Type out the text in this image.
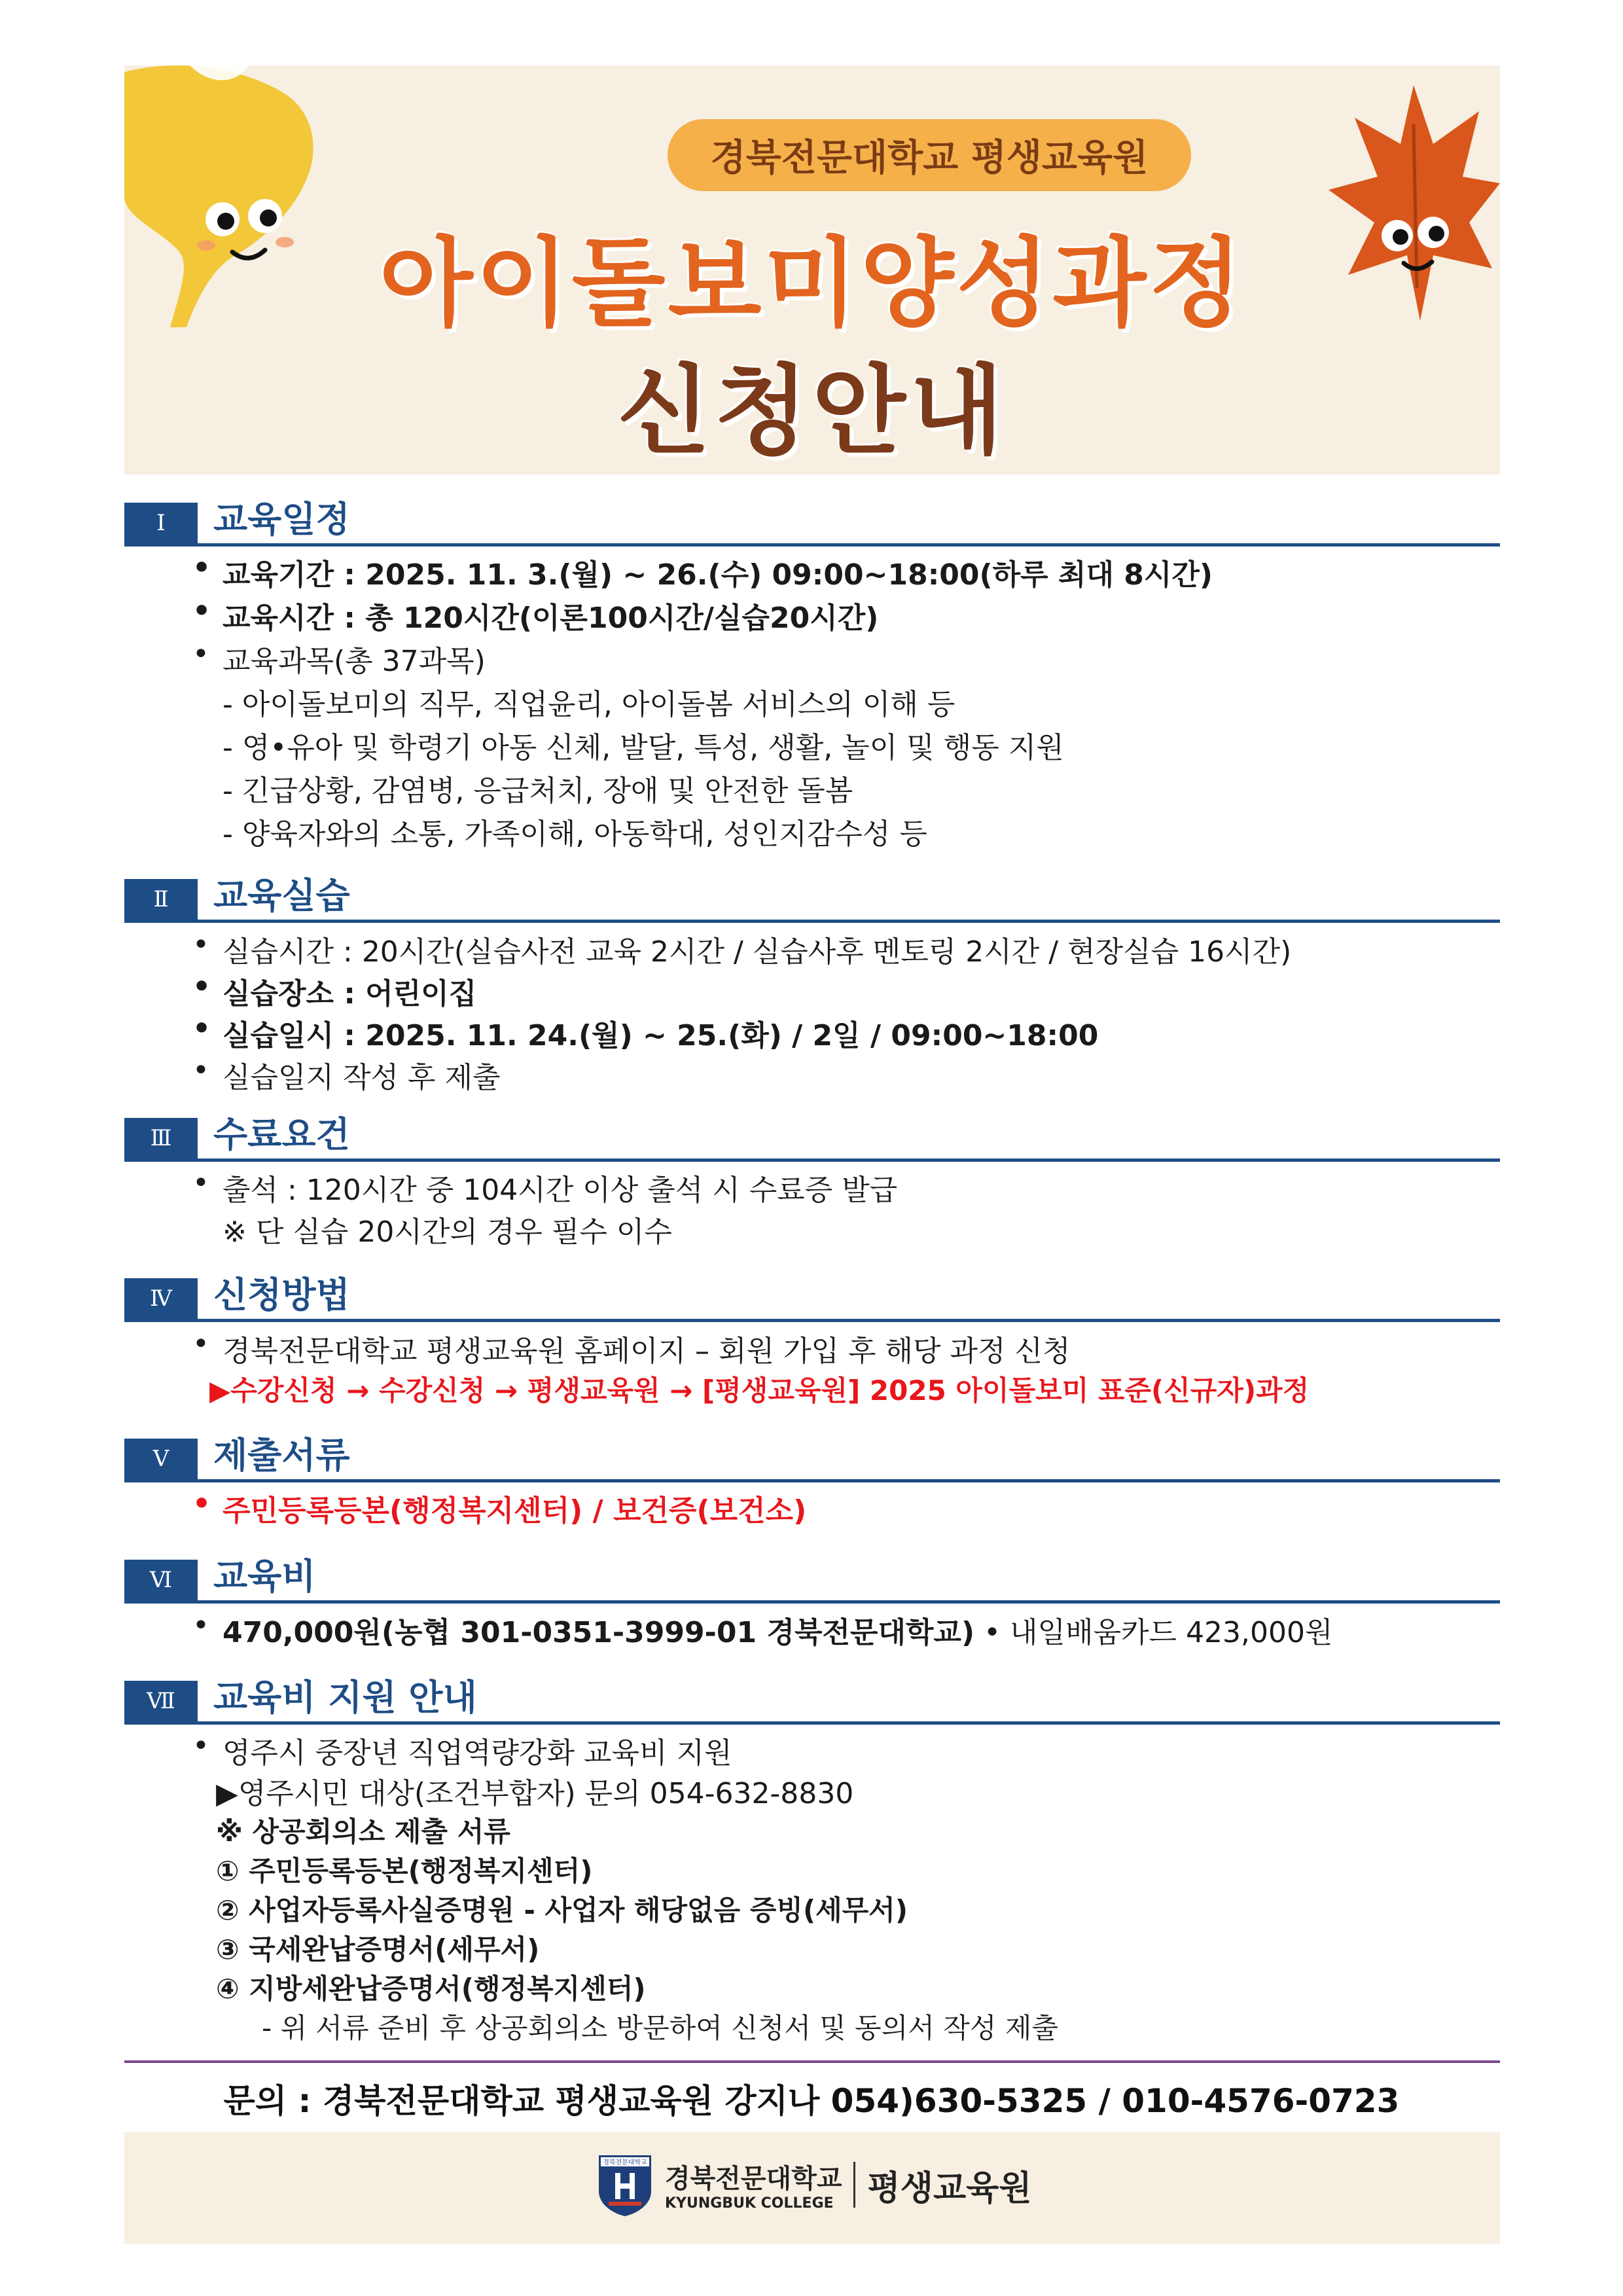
경북전문대학교 평생교육원
아이돌보미양성과정
신청안내
Ⅰ	교육일정
• 교육기간 : 2025. 11. 3.(월) ~ 26.(수) 09:00~18:00(하루 최대 8시간)
• 교육시간 : 총 120시간(이론100시간/실습20시간)
• 교육과목(총 37과목)
- 아이돌보미의 직무, 직업윤리, 아이돌봄 서비스의 이해 등
- 영•유아 및 학령기 아동 신체, 발달, 특성, 생활, 놀이 및 행동 지원
- 긴급상황, 감염병, 응급처치, 장애 및 안전한 돌봄
- 양육자와의 소통, 가족이해, 아동학대, 성인지감수성 등
Ⅱ	교육실습
• 실습시간 : 20시간(실습사전 교육 2시간 / 실습사후 멘토링 2시간 / 현장실습 16시간)
• 실습장소 : 어린이집
• 실습일시 : 2025. 11. 24.(월) ~ 25.(화) / 2일 / 09:00~18:00
• 실습일지 작성 후 제출
Ⅲ	수료요건
• 출석 : 120시간 중 104시간 이상 출석 시 수료증 발급
※ 단 실습 20시간의 경우 필수 이수
Ⅳ	신청방법
• 경북전문대학교 평생교육원 홈페이지 – 회원 가입 후 해당 과정 신청
▶수강신청 → 수강신청 → 평생교육원 → [평생교육원] 2025 아이돌보미 표준(신규자)과정
Ⅴ	제출서류
• 주민등록등본(행정복지센터) / 보건증(보건소)
Ⅵ	교육비
• 470,000원(농협 301-0351-3999-01 경북전문대학교) • 내일배움카드 423,000원
Ⅶ	교육비 지원 안내
• 영주시 중장년 직업역량강화 교육비 지원
▶영주시민 대상(조건부합자) 문의 054-632-8830
※ 상공회의소 제출 서류
① 주민등록등본(행정복지센터)
② 사업자등록사실증명원 - 사업자 해당없음 증빙(세무서)
③ 국세완납증명서(세무서)
④ 지방세완납증명서(행정복지센터)
- 위 서류 준비 후 상공회의소 방문하여 신청서 및 동의서 작성 제출
문의 : 경북전문대학교 평생교육원 강지나 054)630-5325 / 010-4576-0723
경북전문대학교
경북전문대학교
KYUNGBUK COLLEGE 평생교육원
